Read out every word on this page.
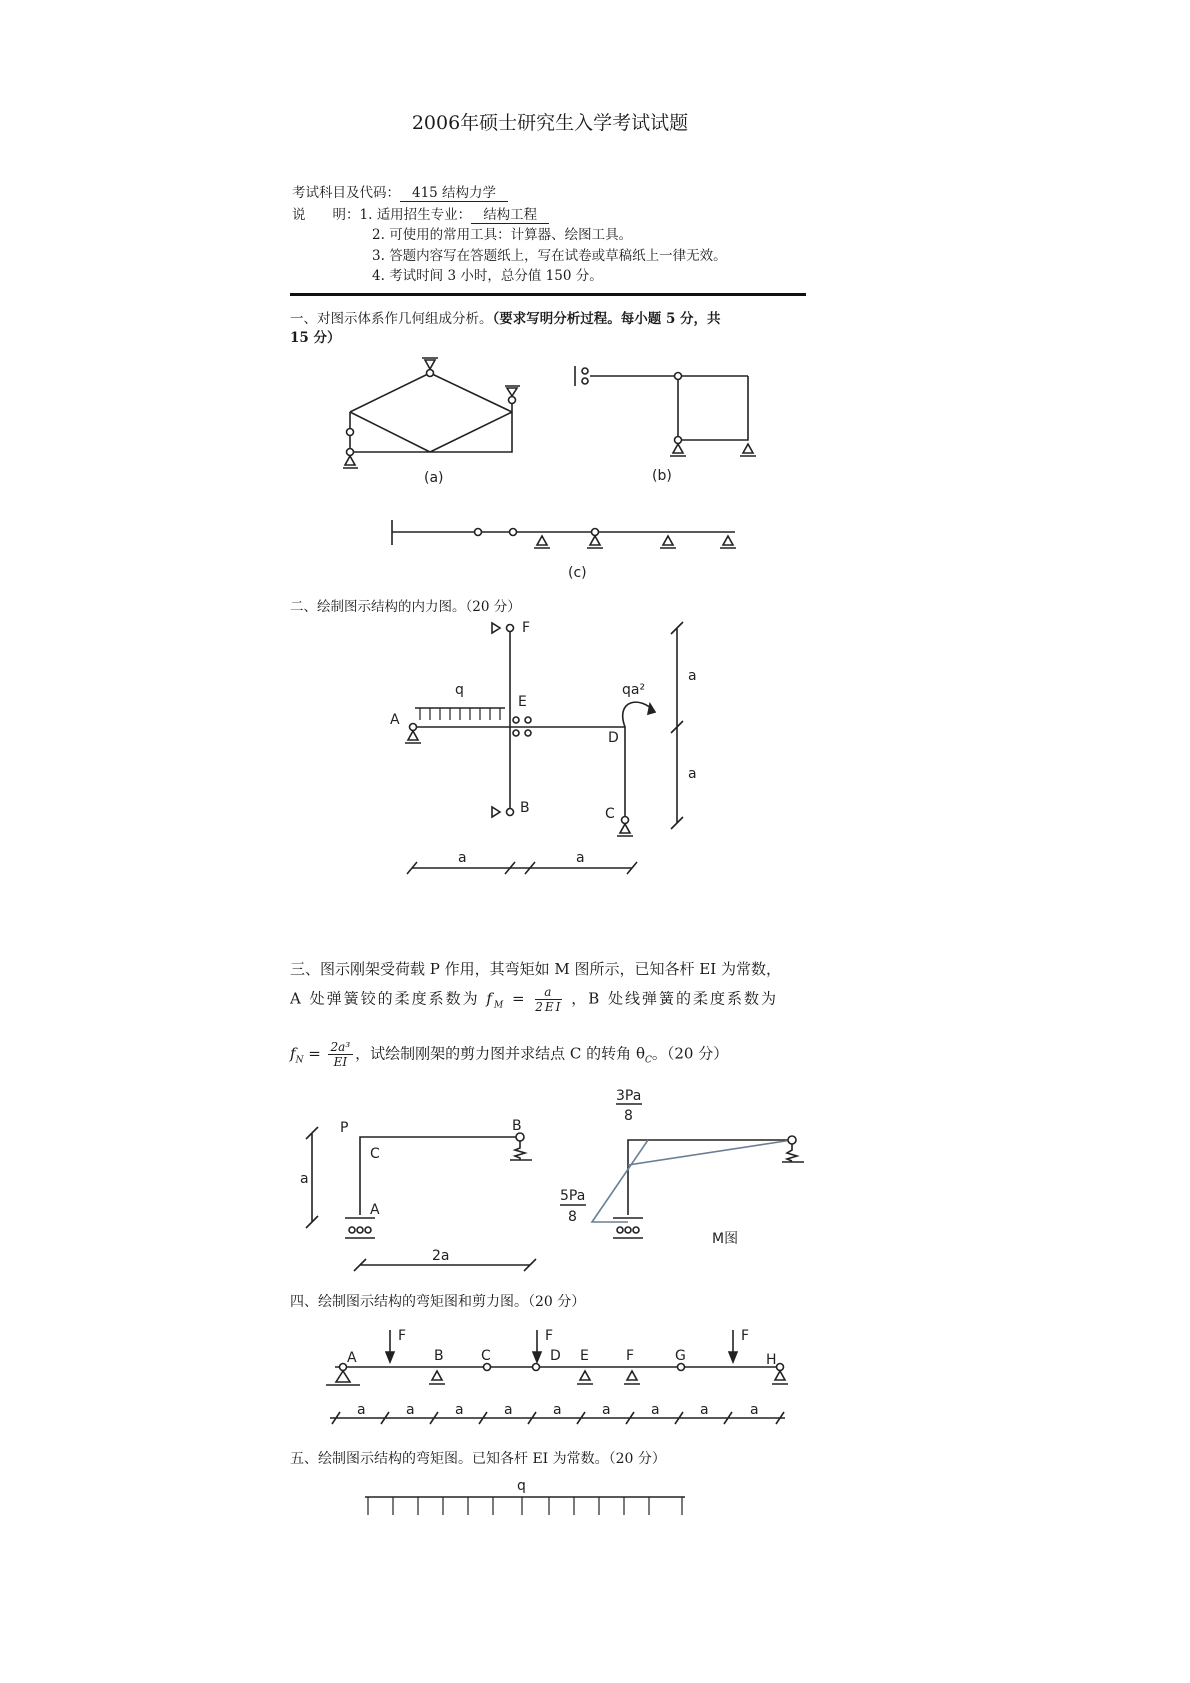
2006年硕士研究生入学考试试题
考试科目及代码： 415 结构力学
说　　明：1. 适用招生专业： 结构工程
2. 可使用的常用工具：计算器、绘图工具。
3. 答题内容写在答题纸上，写在试卷或草稿纸上一律无效。
4. 考试时间 3 小时，总分值 150 分。
一、对图示体系作几何组成分析。（要求写明分析过程。每小题 5 分，共
15 分）
二、绘制图示结构的内力图。（20 分）
三、图示刚架受荷载 P 作用，其弯矩如 M 图所示，已知各杆 EI 为常数，
A 处弹簧铰的柔度系数为 $f_M = \frac{a}{2EI}$ ，B 处线弹簧的柔度系数为
$f_N = \frac{\text{2a³}}{EI}$ ，试绘制刚架的剪力图并求结点 C 的转角 $\theta_C$。（20 分）
四、绘制图示结构的弯矩图和剪力图。（20 分）
五、绘制图示结构的弯矩图。已知各杆 EI 为常数。（20 分）
(a)	(b)
(c)
A
B	C
D
E
F
q	qa²
a
a
a	a
P
C
B
A
a
2a
3Pa
8
5Pa
8
M图
A	B	C	D E	F	G	H
F	F	F
a	a	a	a	a	a	a	a	a
q
